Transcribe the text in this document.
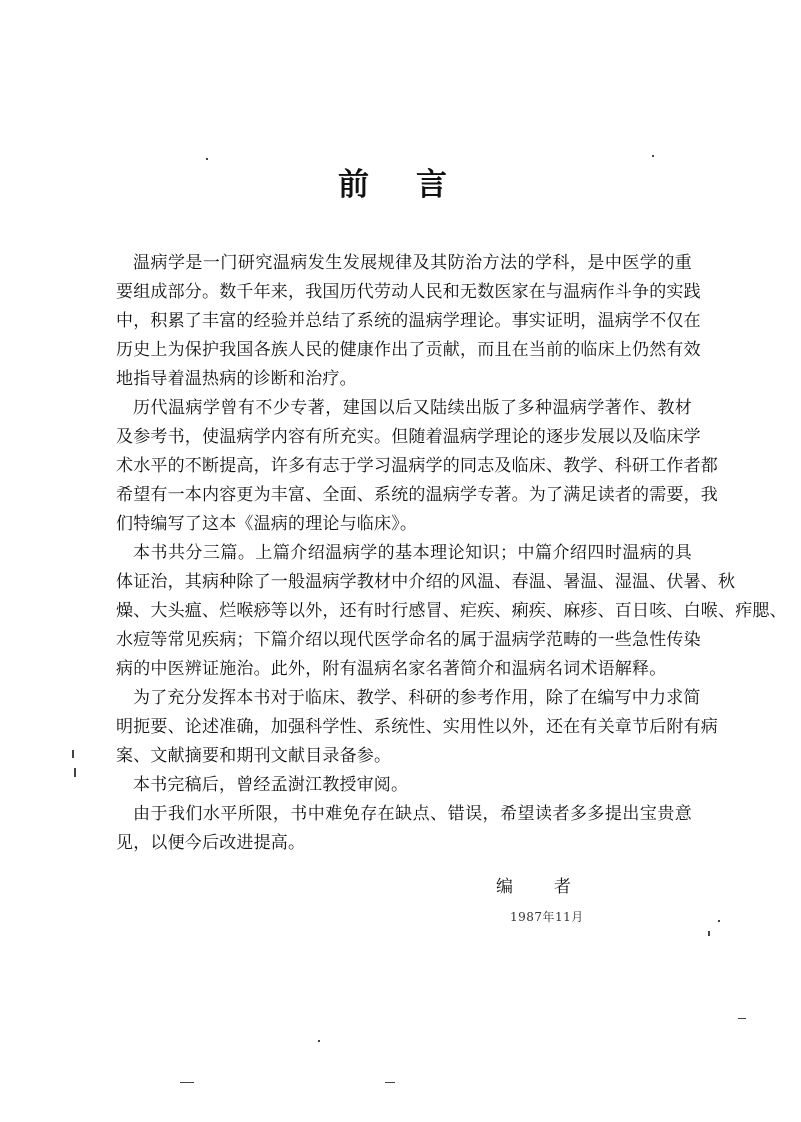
前 言
温病学是一门研究温病发生发展规律及其防治方法的学科，是中医学的重
要组成部分。数千年来，我国历代劳动人民和无数医家在与温病作斗争的实践
中，积累了丰富的经验并总结了系统的温病学理论。事实证明，温病学不仅在
历史上为保护我国各族人民的健康作出了贡献，而且在当前的临床上仍然有效
地指导着温热病的诊断和治疗。
历代温病学曾有不少专著，建国以后又陆续出版了多种温病学著作、教材
及参考书，使温病学内容有所充实。但随着温病学理论的逐步发展以及临床学
术水平的不断提高，许多有志于学习温病学的同志及临床、教学、科研工作者都
希望有一本内容更为丰富、全面、系统的温病学专著。为了满足读者的需要，我
们特编写了这本《温病的理论与临床》。
本书共分三篇。上篇介绍温病学的基本理论知识；中篇介绍四时温病的具
体证治，其病种除了一般温病学教材中介绍的风温、春温、暑温、湿温、伏暑、秋
燥、大头瘟、烂喉痧等以外，还有时行感冒、疟疾、痢疾、麻疹、百日咳、白喉、痄腮、
水痘等常见疾病；下篇介绍以现代医学命名的属于温病学范畴的一些急性传染
病的中医辨证施治。此外，附有温病名家名著简介和温病名词术语解释。
为了充分发挥本书对于临床、教学、科研的参考作用，除了在编写中力求简
明扼要、论述准确，加强科学性、系统性、实用性以外，还在有关章节后附有病
案、文献摘要和期刊文献目录备参。
本书完稿后，曾经孟澍江教授审阅。
由于我们水平所限，书中难免存在缺点、错误，希望读者多多提出宝贵意
见，以便今后改进提高。
编 者
1987年11月
